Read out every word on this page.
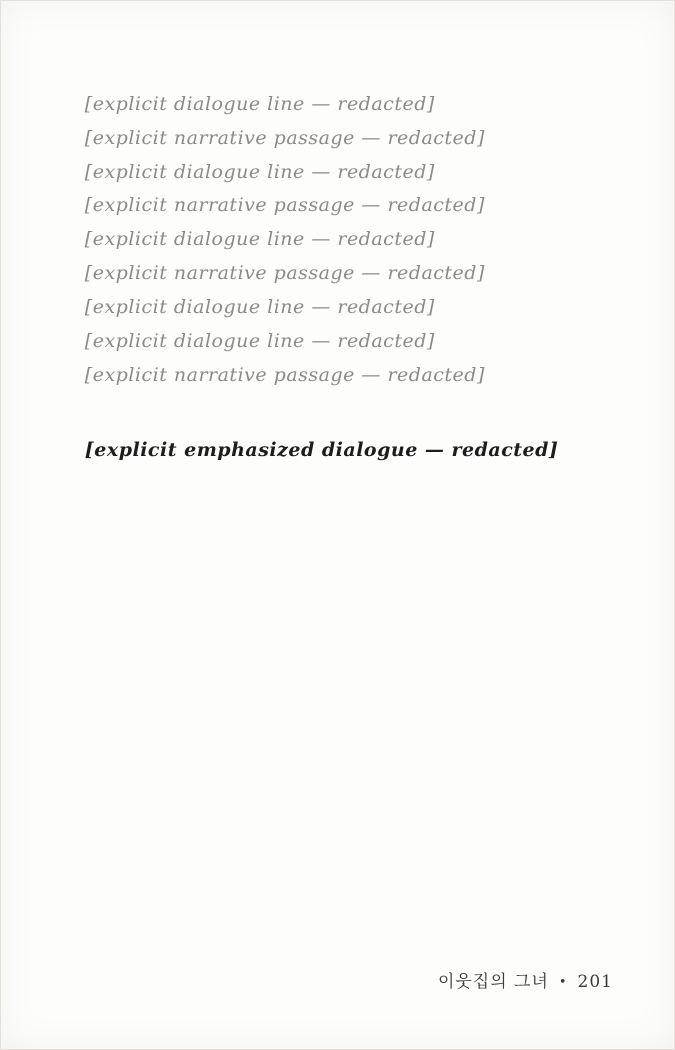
[explicit dialogue line — redacted]

[explicit narrative passage — redacted]

[explicit dialogue line — redacted]

[explicit narrative passage — redacted]

[explicit dialogue line — redacted]

[explicit narrative passage — redacted]

[explicit dialogue line — redacted]

[explicit dialogue line — redacted]

[explicit narrative passage — redacted]

[explicit emphasized dialogue — redacted]

이웃집의 그녀 • 201
